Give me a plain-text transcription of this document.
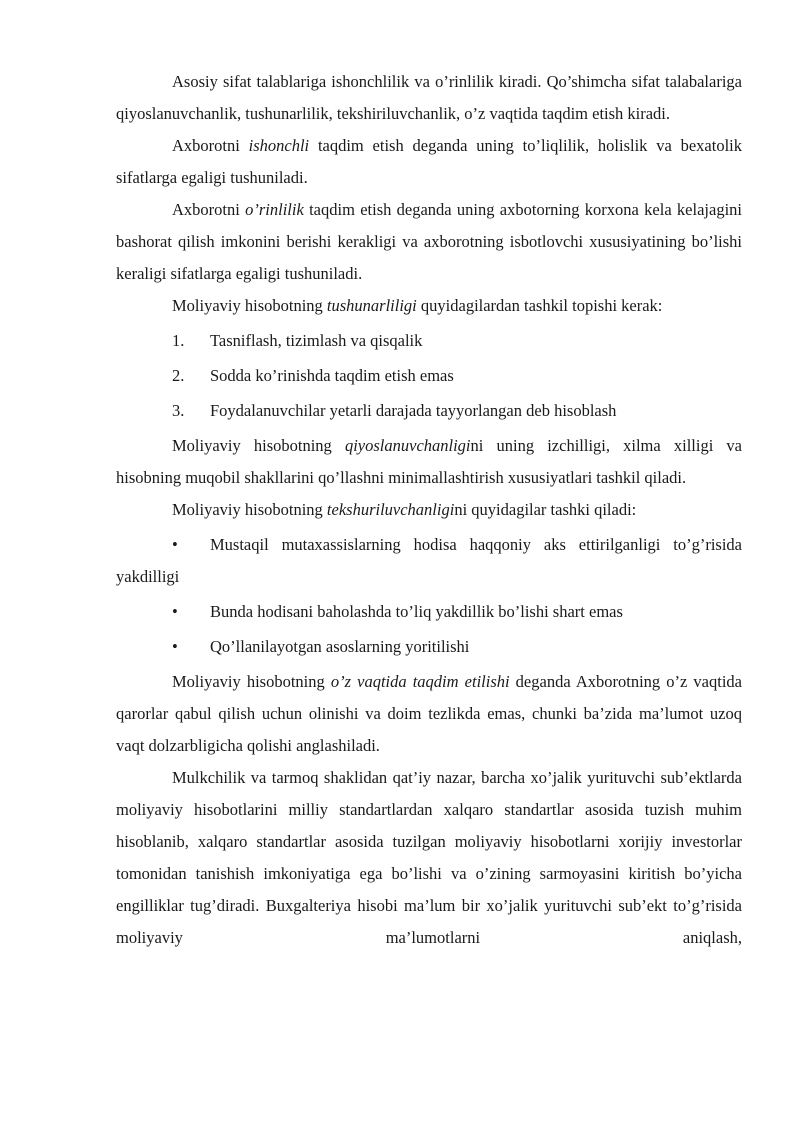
Asosiy sifat talablariga ishonchlilik va o’rinlilik kiradi. Qo’shimcha sifat talabalariga qiyoslanuvchanlik, tushunarlilik, tekshiriluvchanlik, o’z vaqtida taqdim etish kiradi.

Axborotni ishonchli taqdim etish deganda uning to’liqlilik, holislik va bexatolik sifatlarga egaligi tushuniladi.

Axborotni o’rinlilik taqdim etish deganda uning axbotorning korxona kela kelajagini bashorat qilish imkonini berishi kerakligi va axborotning isbotlovchi xususiyatining bo’lishi keraligi sifatlarga egaligi tushuniladi.

Moliyaviy hisobotning tushunarliligi quyidagilardan tashkil topishi kerak:

1. Tasniflash, tizimlash va qisqalik
2. Sodda ko’rinishda taqdim etish emas
3. Foydalanuvchilar yetarli darajada tayyorlangan deb hisoblash

Moliyaviy hisobotning qiyoslanuvchanligini uning izchilligi, xilma xilligi va hisobning muqobil shakllarini qo’llashni minimallashtirish xususiyatlari tashkil qiladi.

Moliyaviy hisobotning tekshuriluvchanligini quyidagilar tashki qiladi:

• Mustaqil mutaxassislarning hodisa haqqoniy aks ettirilganligi to’g’risida yakdilligi
• Bunda hodisani baholashda to’liq yakdillik bo’lishi shart emas
• Qo’llanilayotgan asoslarning yoritilishi

Moliyaviy hisobotning o’z vaqtida taqdim etilishi deganda Axborotning o’z vaqtida qarorlar qabul qilish uchun olinishi va doim tezlikda emas, chunki ba’zida ma’lumot uzoq vaqt dolzarbligicha qolishi anglashiladi.

Mulkchilik va tarmoq shaklidan qat’iy nazar, barcha xo’jalik yurituvchi sub’ektlarda moliyaviy hisobotlarini milliy standartlardan xalqaro standartlar asosida tuzish muhim hisoblanib, xalqaro standartlar asosida tuzilgan moliyaviy hisobotlarni xorijiy investorlar tomonidan tanishish imkoniyatiga ega bo’lishi va o’zining sarmoyasini kiritish bo’yicha engilliklar tug’diradi. Buxgalteriya hisobi ma’lum bir xo’jalik yurituvchi sub’ekt to’g’risida moliyaviy ma’lumotlarni aniqlash,
